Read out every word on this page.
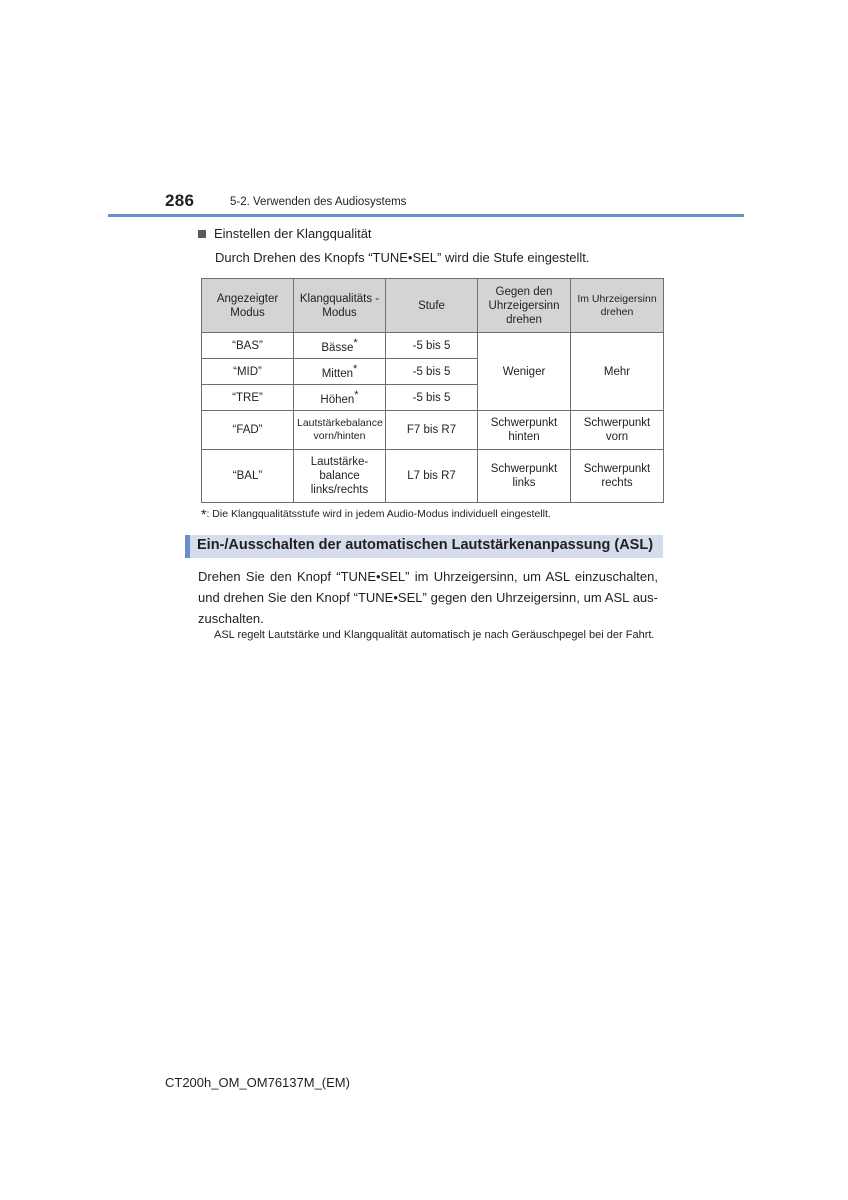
286	5-2. Verwenden des Audiosystems
Einstellen der Klangqualität
Durch Drehen des Knopfs “TUNE•SEL” wird die Stufe eingestellt.
Angezeigter Modus	Klangqualitäts -Modus	Stufe	Gegen den Uhrzeigersinn drehen	Im Uhrzeigersinn drehen
“BAS”	Bässe*	-5 bis 5	Weniger	Mehr
“MID”	Mitten*	-5 bis 5		
“TRE”	Höhen*	-5 bis 5		
“FAD”	Lautstärkebalance vorn/hinten	F7 bis R7	Schwerpunkt hinten	Schwerpunkt vorn
“BAL”	Lautstärke-balance links/rechts	L7 bis R7	Schwerpunkt links	Schwerpunkt rechts
*: Die Klangqualitätsstufe wird in jedem Audio-Modus individuell eingestellt.
Ein-/Ausschalten der automatischen Lautstärkenanpassung (ASL)
Drehen Sie den Knopf “TUNE•SEL” im Uhrzeigersinn, um ASL einzuschalten, und drehen Sie den Knopf “TUNE•SEL” gegen den Uhrzeigersinn, um ASL aus-zuschalten.
ASL regelt Lautstärke und Klangqualität automatisch je nach Geräuschpegel bei der Fahrt.
CT200h_OM_OM76137M_(EM)
